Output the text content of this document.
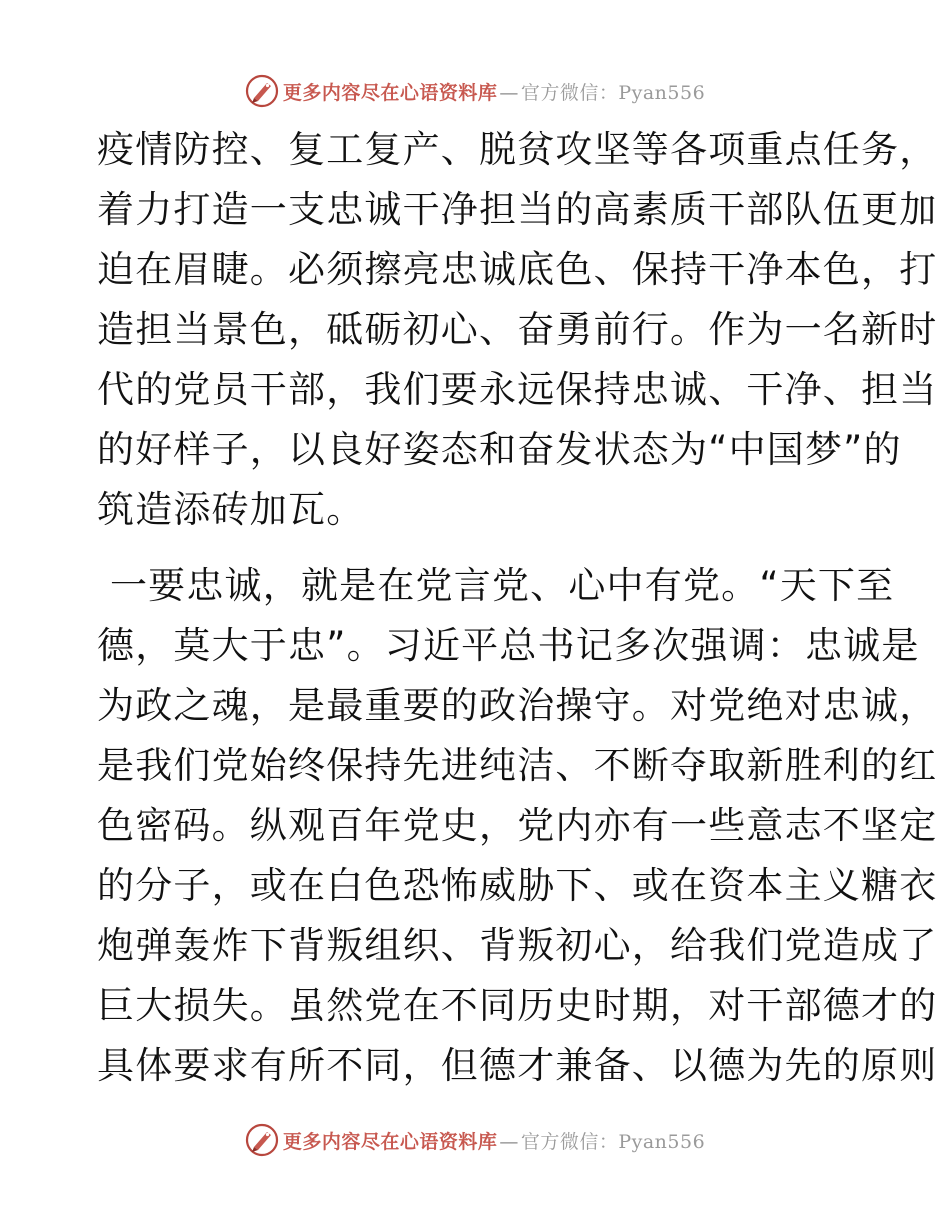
更多内容尽在心语资料库 — 官方微信：Pyan556

疫情防控、复工复产、脱贫攻坚等各项重点任务，
着力打造一支忠诚干净担当的高素质干部队伍更加
迫在眉睫。必须擦亮忠诚底色、保持干净本色，打
造担当景色，砥砺初心、奋勇前行。作为一名新时
代的党员干部，我们要永远保持忠诚、干净、担当
的好样子，以良好姿态和奋发状态为“中国梦”的
筑造添砖加瓦。

一要忠诚，就是在党言党、心中有党。“天下至
德，莫大于忠”。习近平总书记多次强调：忠诚是
为政之魂，是最重要的政治操守。对党绝对忠诚，
是我们党始终保持先进纯洁、不断夺取新胜利的红
色密码。纵观百年党史，党内亦有一些意志不坚定
的分子，或在白色恐怖威胁下、或在资本主义糖衣
炮弹轰炸下背叛组织、背叛初心，给我们党造成了
巨大损失。虽然党在不同历史时期，对干部德才的
具体要求有所不同，但德才兼备、以德为先的原则

更多内容尽在心语资料库 — 官方微信：Pyan556
